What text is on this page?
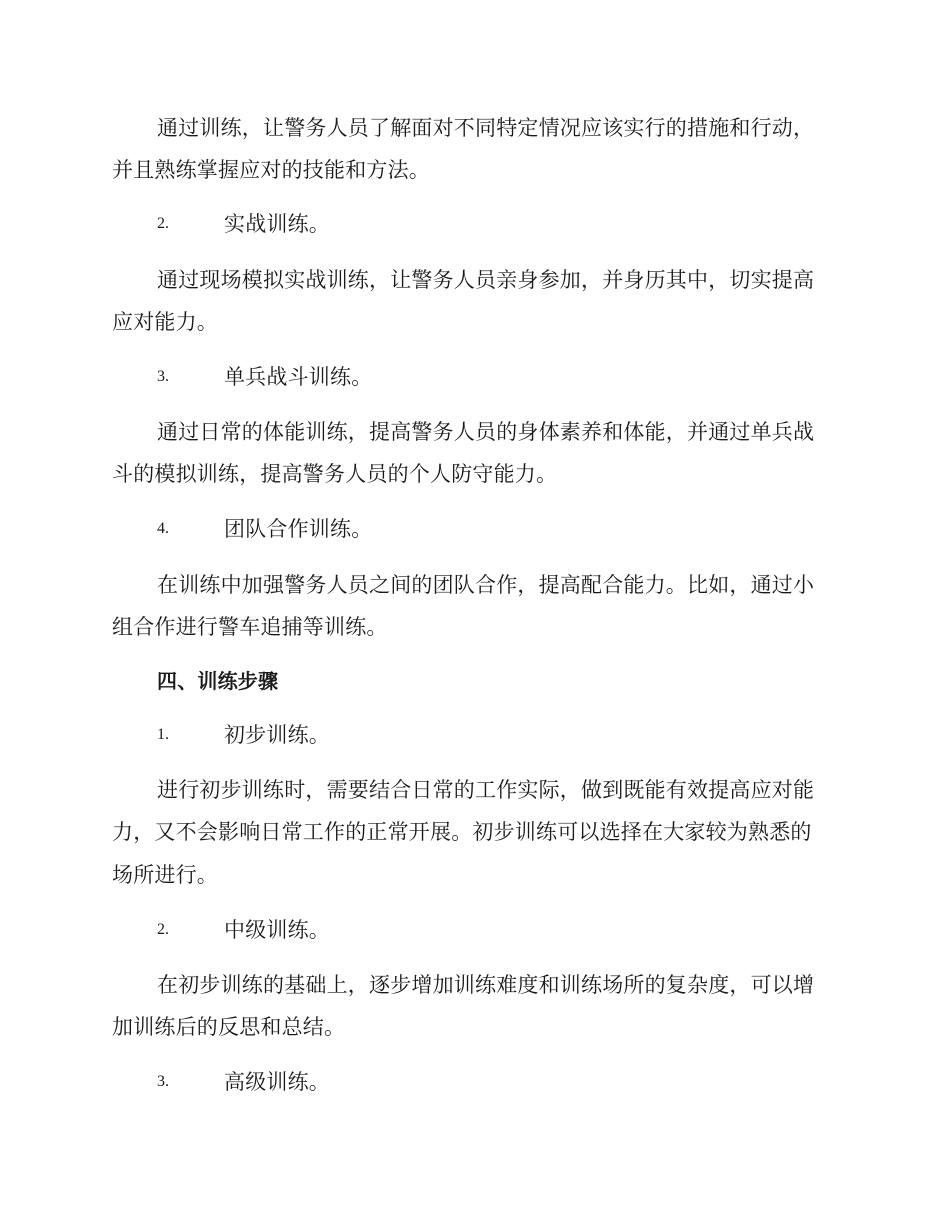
通过训练，让警务人员了解面对不同特定情况应该实行的措施和行动，
并且熟练掌握应对的技能和方法。
2.	实战训练。
通过现场模拟实战训练，让警务人员亲身参加，并身历其中，切实提高
应对能力。
3.	单兵战斗训练。
通过日常的体能训练，提高警务人员的身体素养和体能，并通过单兵战
斗的模拟训练，提高警务人员的个人防守能力。
4.	团队合作训练。
在训练中加强警务人员之间的团队合作，提高配合能力。比如，通过小
组合作进行警车追捕等训练。
四、训练步骤
1.	初步训练。
进行初步训练时，需要结合日常的工作实际，做到既能有效提高应对能
力，又不会影响日常工作的正常开展。初步训练可以选择在大家较为熟悉的
场所进行。
2.	中级训练。
在初步训练的基础上，逐步增加训练难度和训练场所的复杂度，可以增
加训练后的反思和总结。
3.	高级训练。
